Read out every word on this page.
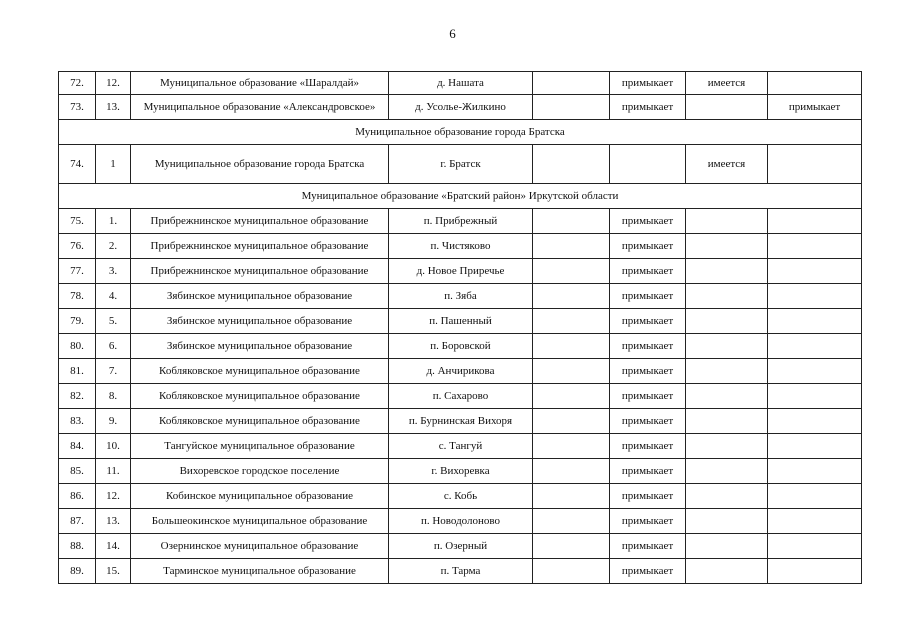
6
72.	12.	Муниципальное образование «Шаралдай»	д. Нашата		примыкает	имеется	
73.	13.	Муниципальное образование «Александровское»	д. Усолье-Жилкино		примыкает		примыкает
Муниципальное образование города Братска							
74.	1	Муниципальное образование города Братска	г. Братск			имеется	
Муниципальное образование «Братский район» Иркутской области							
75.	1.	Прибрежнинское муниципальное образование	п. Прибрежный		примыкает		
76.	2.	Прибрежнинское муниципальное образование	п. Чистяково		примыкает		
77.	3.	Прибрежнинское муниципальное образование	д. Новое Приречье		примыкает		
78.	4.	Зябинское муниципальное образование	п. Зяба		примыкает		
79.	5.	Зябинское муниципальное образование	п. Пашенный		примыкает		
80.	6.	Зябинское муниципальное образование	п. Боровской		примыкает		
81.	7.	Кобляковское муниципальное образование	д. Анчирикова		примыкает		
82.	8.	Кобляковское муниципальное образование	п. Сахарово		примыкает		
83.	9.	Кобляковское муниципальное образование	п. Бурнинская Вихоря		примыкает		
84.	10.	Тангуйское муниципальное образование	с. Тангуй		примыкает		
85.	11.	Вихоревское городское поселение	г. Вихоревка		примыкает		
86.	12.	Кобинское муниципальное образование	с. Кобь		примыкает		
87.	13.	Большеокинское муниципальное образование	п. Новодолоново		примыкает		
88.	14.	Озернинское муниципальное образование	п. Озерный		примыкает		
89.	15.	Тарминское муниципальное образование	п. Тарма		примыкает		
